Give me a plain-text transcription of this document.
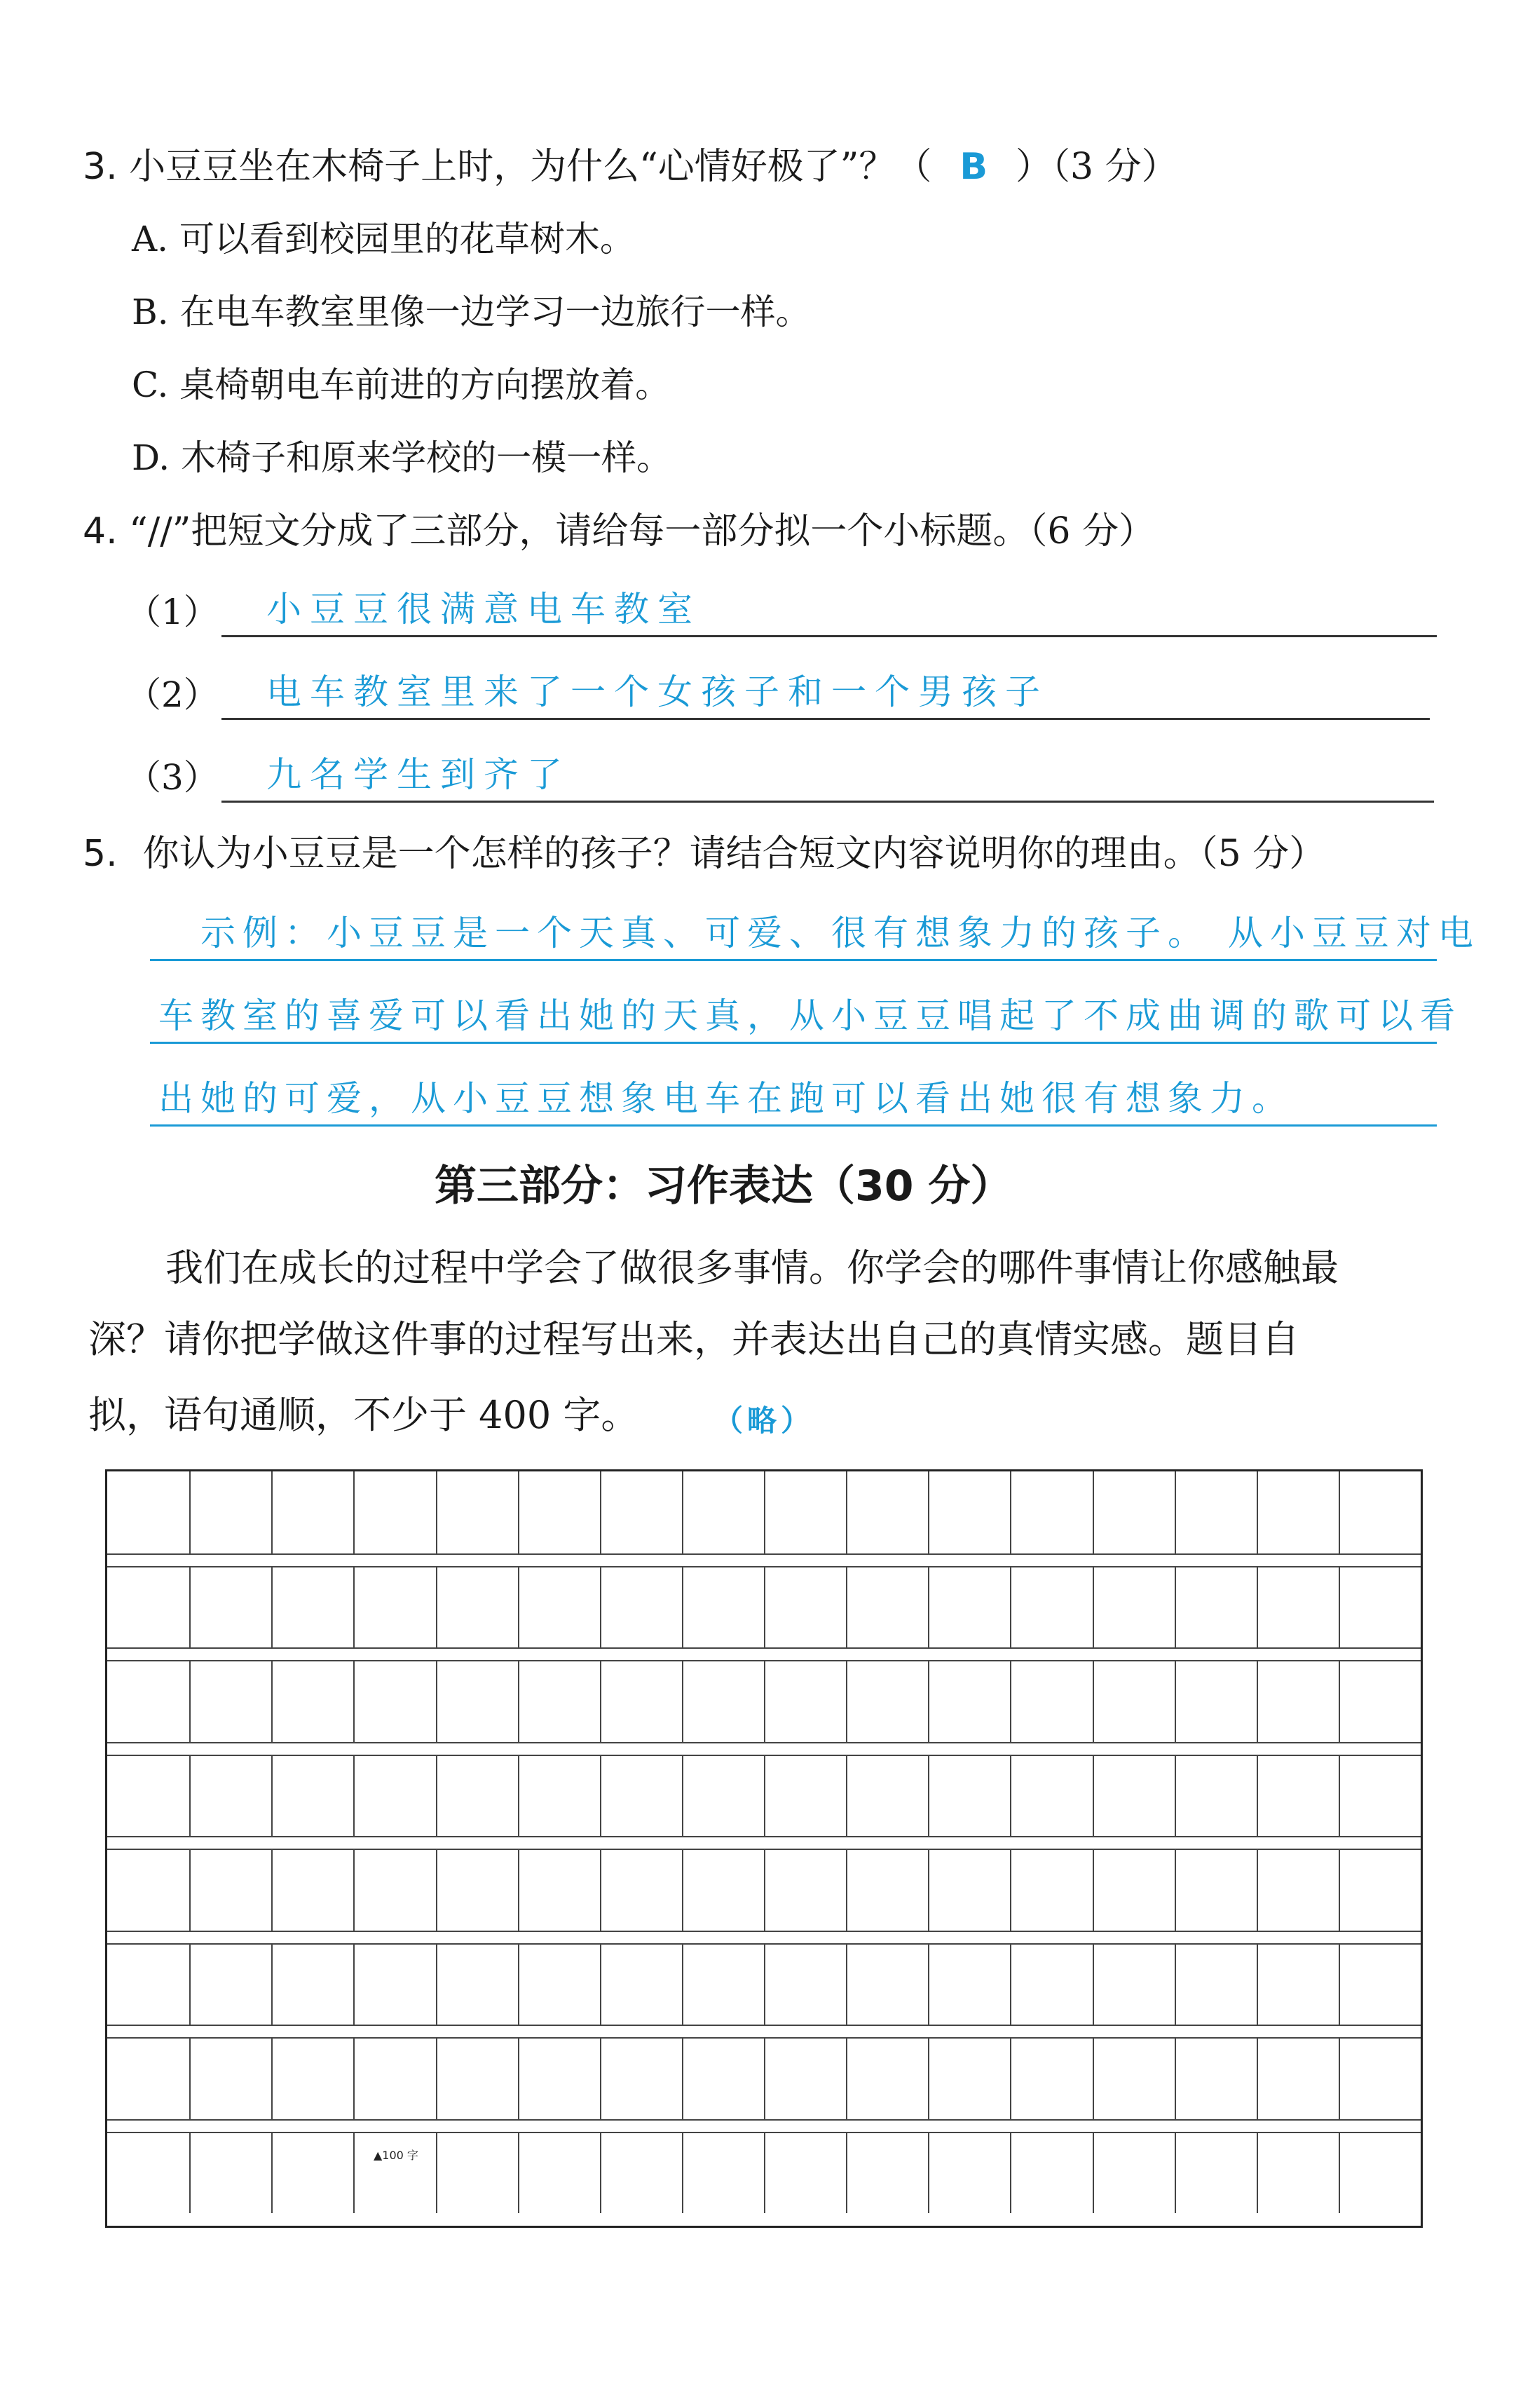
3. 小豆豆坐在木椅子上时，为什么“心情好极了”？（ B ）（3 分）
A. 可以看到校园里的花草树木。
B. 在电车教室里像一边学习一边旅行一样。
C. 桌椅朝电车前进的方向摆放着。
D. 木椅子和原来学校的一模一样。
4. “//”把短文分成了三部分，请给每一部分拟一个小标题。（6 分）
（1） 小豆豆很满意电车教室
（2） 电车教室里来了一个女孩子和一个男孩子
（3） 九名学生到齐了
5. 你认为小豆豆是一个怎样的孩子？请结合短文内容说明你的理由。（5 分）
示例：小豆豆是一个天真、可爱、很有想象力的孩子。 从小豆豆对电
车教室的喜爱可以看出她的天真，从小豆豆唱起了不成曲调的歌可以看
出她的可爱，从小豆豆想象电车在跑可以看出她很有想象力。
第三部分：习作表达（30 分）
我们在成长的过程中学会了做很多事情。你学会的哪件事情让你感触最
深？请你把学做这件事的过程写出来，并表达出自己的真情实感。题目自
拟，语句通顺，不少于 400 字。	（略）
▲100 字
